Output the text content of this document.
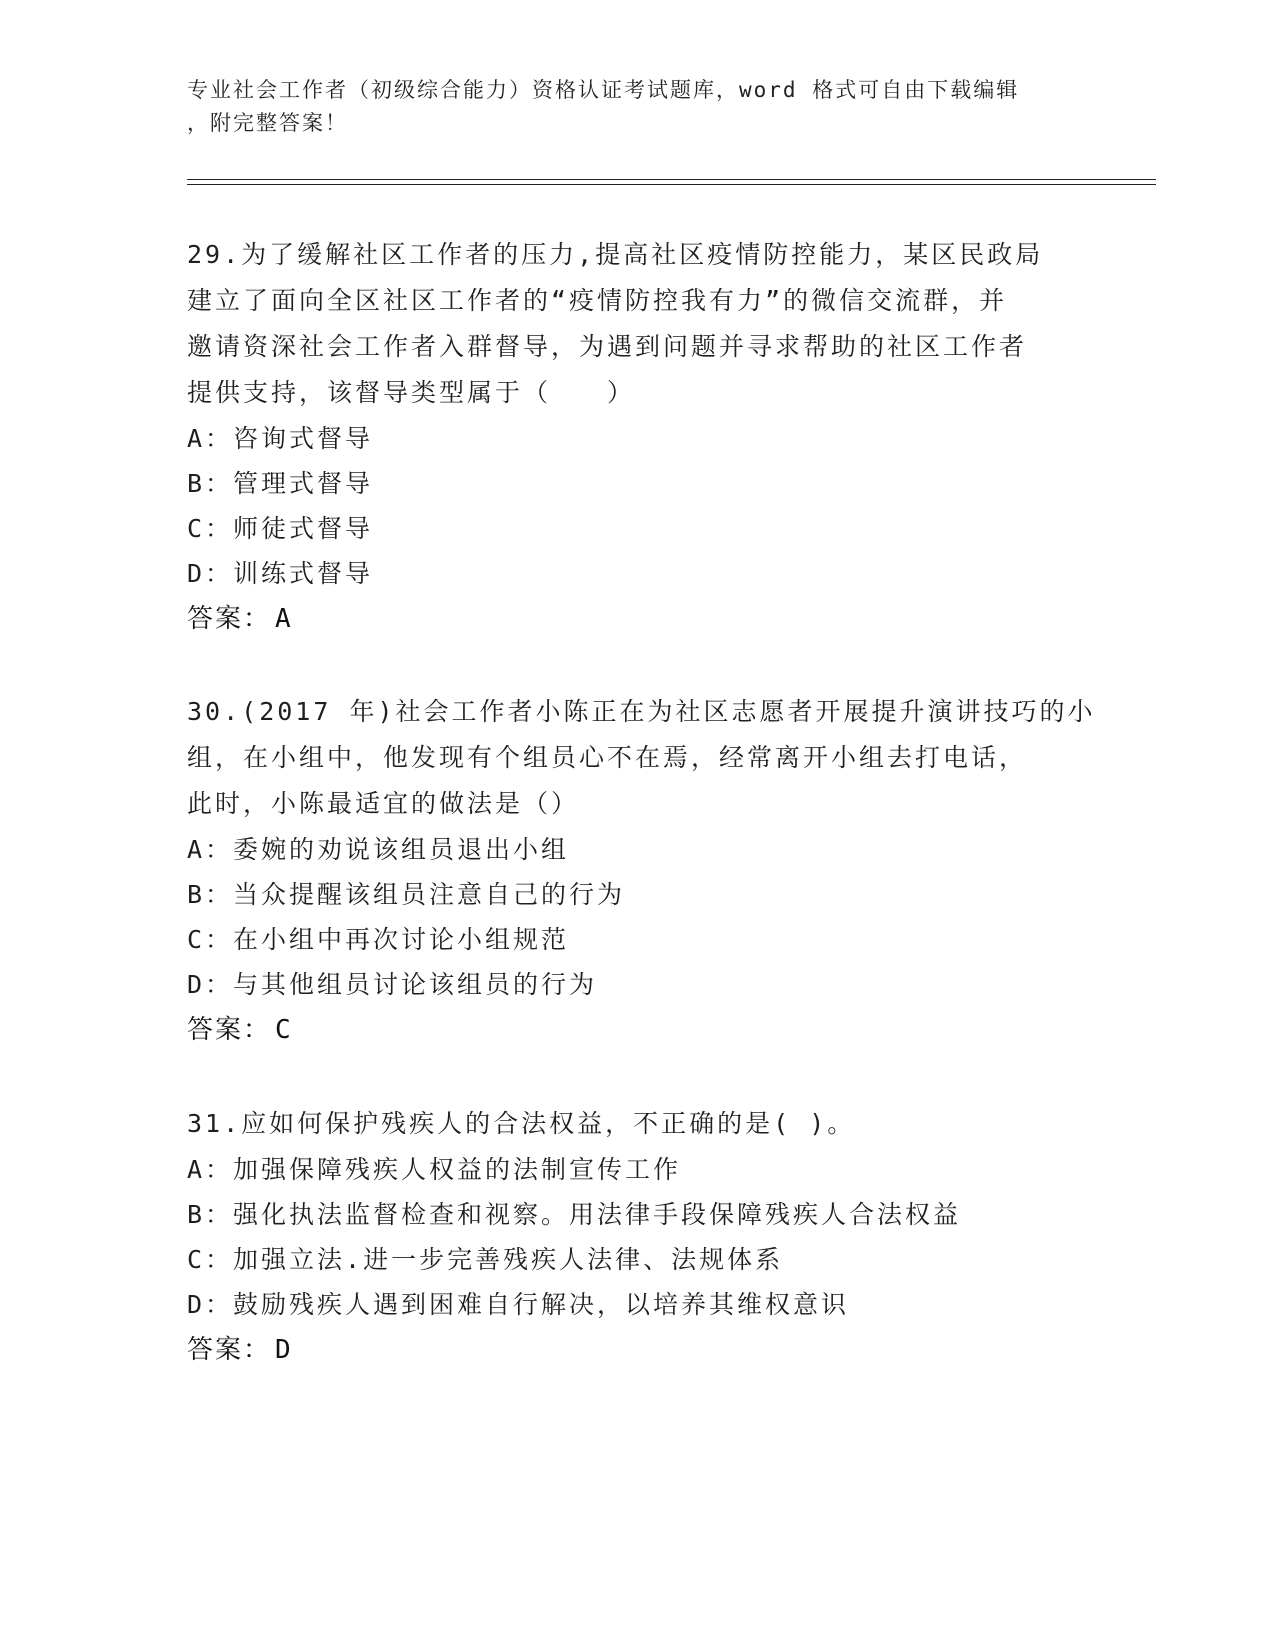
专业社会工作者（初级综合能力）资格认证考试题库，word 格式可自由下载编辑
，附完整答案！
29.为了缓解社区工作者的压力,提高社区疫情防控能力，某区民政局
建立了面向全区社区工作者的“疫情防控我有力”的微信交流群，并
邀请资深社会工作者入群督导，为遇到问题并寻求帮助的社区工作者
提供支持，该督导类型属于（　　）
A：咨询式督导
B：管理式督导
C：师徒式督导
D：训练式督导
答案： A
30.(2017 年)社会工作者小陈正在为社区志愿者开展提升演讲技巧的小
组，在小组中，他发现有个组员心不在焉，经常离开小组去打电话，
此时，小陈最适宜的做法是（）
A：委婉的劝说该组员退出小组
B：当众提醒该组员注意自己的行为
C：在小组中再次讨论小组规范
D：与其他组员讨论该组员的行为
答案： C
31.应如何保护残疾人的合法权益，不正确的是( )。
A：加强保障残疾人权益的法制宣传工作
B：强化执法监督检查和视察。用法律手段保障残疾人合法权益
C：加强立法.进一步完善残疾人法律、法规体系
D：鼓励残疾人遇到困难自行解决，以培养其维权意识
答案： D
